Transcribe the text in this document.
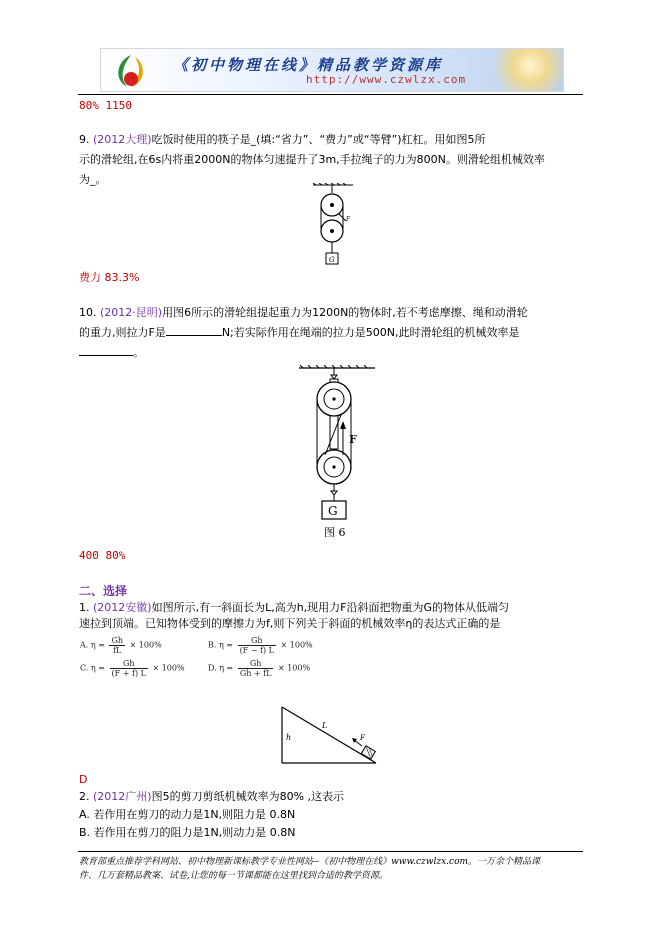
《初中物理在线》精品教学资源库
http://www.czwlzx.com
80% 1150
9. (2012大理)吃饭时使用的筷子是_(填:“省力”、“费力”或“等臂”)杠杠。用如图5所
示的滑轮组,在6s内将重2000N的物体匀速提升了3m,手拉绳子的力为800N。则滑轮组机械效率
为_。
F
G
费力 83.3%
10. (2012·昆明)用图6所示的滑轮组提起重力为1200N的物体时,若不考虑摩擦、绳和动滑轮
的重力,则拉力F是	N;若实际作用在绳端的拉力是500N,此时滑轮组的机械效率是
。
F
G
图 6
400 80%
二、选择
1. (2012安徽)如图所示,有一斜面长为L,高为h,现用力F沿斜面把物重为G的物体从低端匀
速拉到顶端。已知物体受到的摩擦力为f,则下列关于斜面的机械效率η的表达式正确的是
A. $\eta = \frac{Gh}{fL} \times 100\%$	B. $\eta = \frac{Gh}{(F - f) L} \times 100\%$
C. $\eta = \frac{Gh}{(F + f) L} \times 100\%$	D. $\eta = \frac{Gh}{Gh + fL} \times 100\%$
h
L
F
D
2. (2012广州)图5的剪刀剪纸机械效率为80% ,这表示
A. 若作用在剪刀的动力是1N,则阻力是 0.8N
B. 若作用在剪刀的阻力是1N,则动力是 0.8N
教育部重点推荐学科网站、初中物理新课标教学专业性网站--《初中物理在线》www.czwlzx.com。一万余个精品课
件、几万套精品教案、试卷,让您的每一节课都能在这里找到合适的教学资源。
